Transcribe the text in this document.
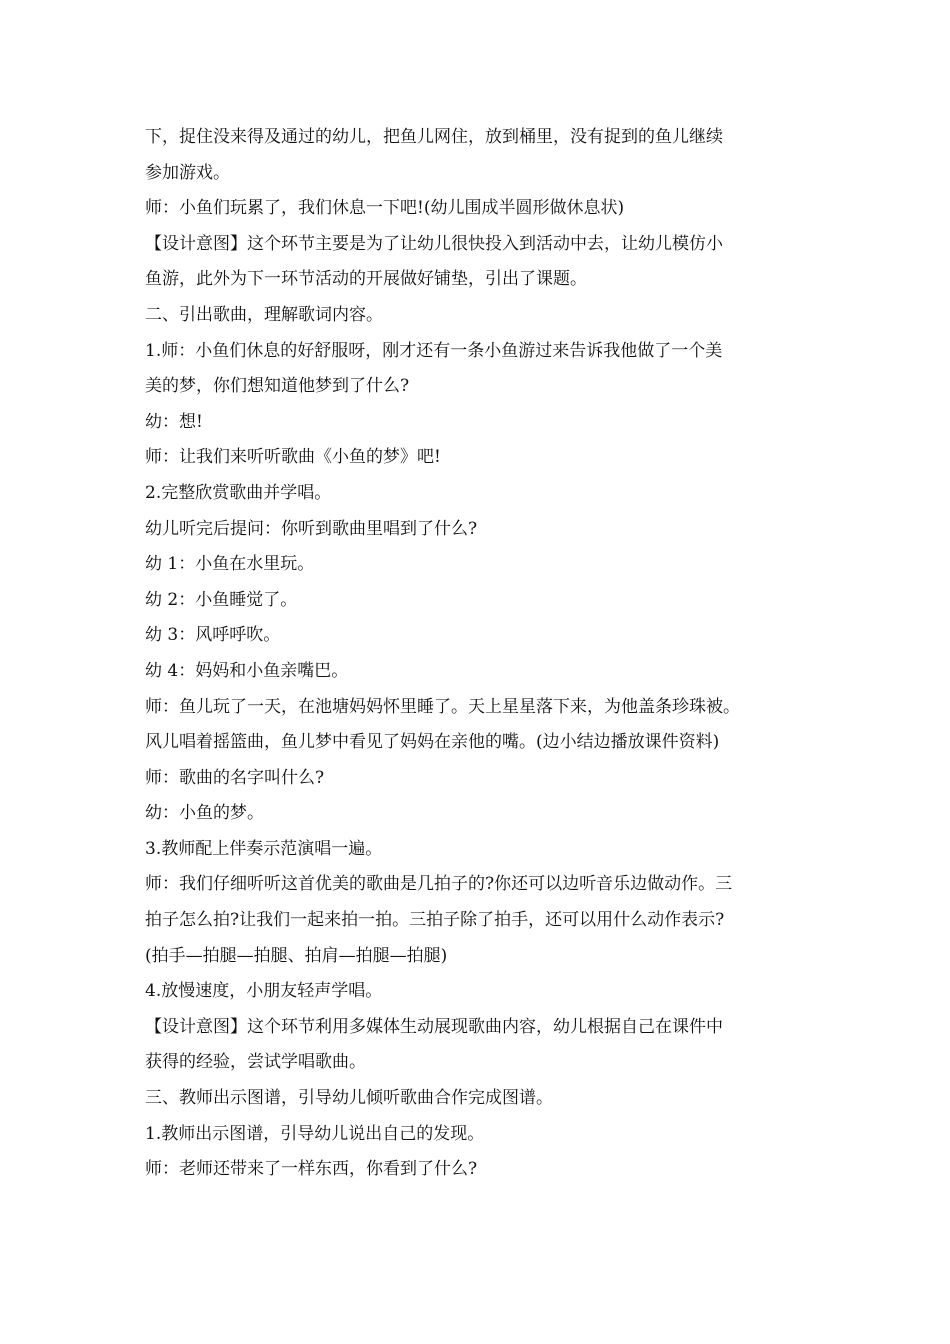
下，捉住没来得及通过的幼儿，把鱼儿网住，放到桶里，没有捉到的鱼儿继续
参加游戏。
师：小鱼们玩累了，我们休息一下吧!(幼儿围成半圆形做休息状)
【设计意图】这个环节主要是为了让幼儿很快投入到活动中去，让幼儿模仿小
鱼游，此外为下一环节活动的开展做好铺垫，引出了课题。
二、引出歌曲，理解歌词内容。
1.师：小鱼们休息的好舒服呀，刚才还有一条小鱼游过来告诉我他做了一个美
美的梦，你们想知道他梦到了什么?
幼：想!
师：让我们来听听歌曲《小鱼的梦》吧!
2.完整欣赏歌曲并学唱。
幼儿听完后提问：你听到歌曲里唱到了什么?
幼 1：小鱼在水里玩。
幼 2：小鱼睡觉了。
幼 3：风呼呼吹。
幼 4：妈妈和小鱼亲嘴巴。
师：鱼儿玩了一天，在池塘妈妈怀里睡了。天上星星落下来，为他盖条珍珠被。
风儿唱着摇篮曲，鱼儿梦中看见了妈妈在亲他的嘴。(边小结边播放课件资料)
师：歌曲的名字叫什么?
幼：小鱼的梦。
3.教师配上伴奏示范演唱一遍。
师：我们仔细听听这首优美的歌曲是几拍子的?你还可以边听音乐边做动作。三
拍子怎么拍?让我们一起来拍一拍。三拍子除了拍手，还可以用什么动作表示?
(拍手—拍腿—拍腿、拍肩—拍腿—拍腿)
4.放慢速度，小朋友轻声学唱。
【设计意图】这个环节利用多媒体生动展现歌曲内容，幼儿根据自己在课件中
获得的经验，尝试学唱歌曲。
三、教师出示图谱，引导幼儿倾听歌曲合作完成图谱。
1.教师出示图谱，引导幼儿说出自己的发现。
师：老师还带来了一样东西，你看到了什么?
